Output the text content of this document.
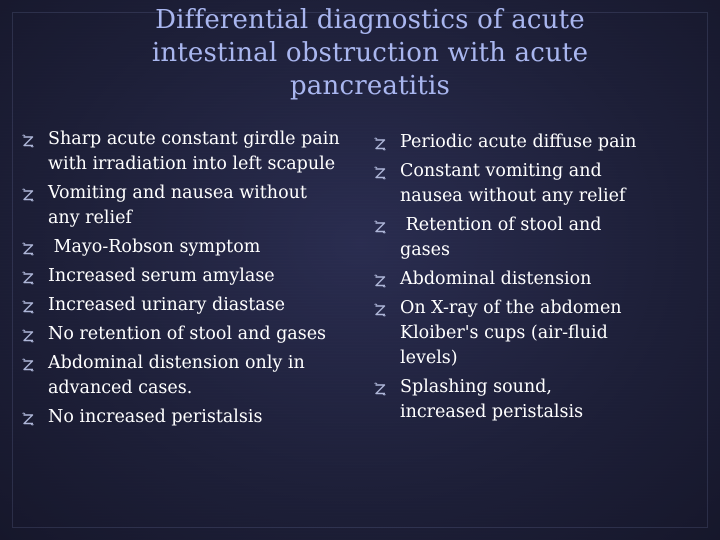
Differential diagnostics of acute
intestinal obstruction with acute
pancreatitis
Sharp acute constant girdle pain
with irradiation into left scapule
Vomiting and nausea without
any relief
Mayo-Robson symptom
Increased serum amylase
Increased urinary diastase
No retention of stool and gases
Abdominal distension only in
advanced cases.
No increased peristalsis
Periodic acute diffuse pain
Constant vomiting and
nausea without any relief
Retention of stool and
gases
Abdominal distension
On X-ray of the abdomen
Kloiber's cups (air-fluid
levels)
Splashing sound,
increased peristalsis
